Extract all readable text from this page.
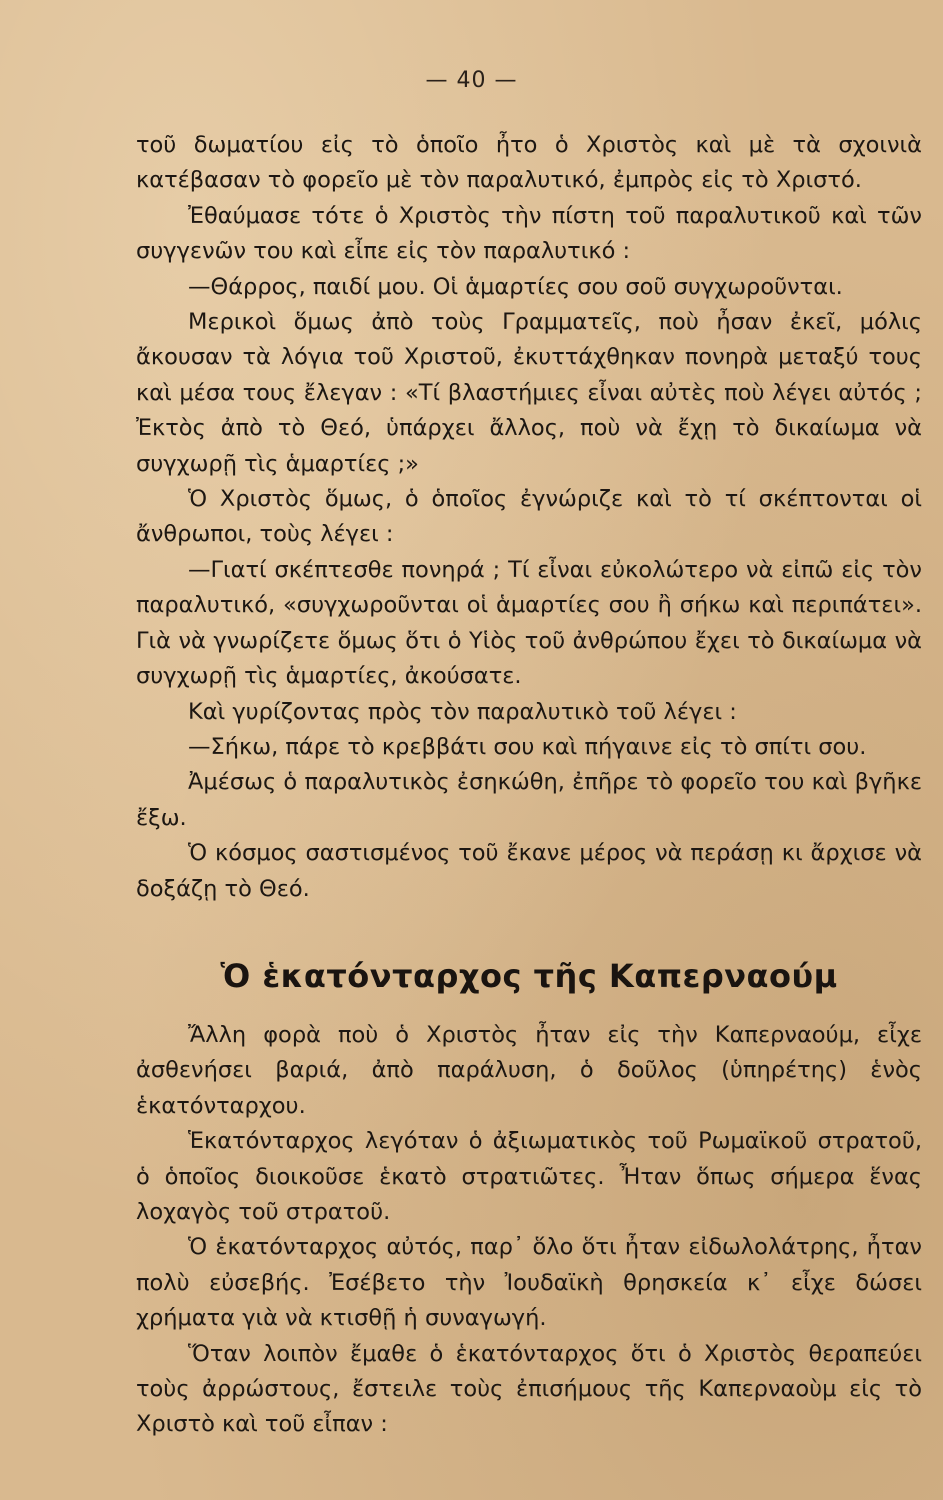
— 40 —

τοῦ δωματίου εἰς τὸ ὁποῖο ἦτο ὁ Χριστὸς καὶ μὲ τὰ σχοινιὰ κατέβασαν τὸ φορεῖο μὲ τὸν παραλυτικό, ἐμπρὸς εἰς τὸ Χριστό.

Ἐθαύμασε τότε ὁ Χριστὸς τὴν πίστη τοῦ παραλυτικοῦ καὶ τῶν συγγενῶν του καὶ εἶπε εἰς τὸν παραλυτικό :

—Θάρρος, παιδί μου. Οἱ ἁμαρτίες σου σοῦ συγχωροῦνται.

Μερικοὶ ὅμως ἀπὸ τοὺς Γραμματεῖς, ποὺ ἦσαν ἐκεῖ, μόλις ἄκουσαν τὰ λόγια τοῦ Χριστοῦ, ἐκυττάχθηκαν πονηρὰ μεταξύ τους καὶ μέσα τους ἔλεγαν : «Τί βλαστήμιες εἶναι αὐτὲς ποὺ λέγει αὐτός ; Ἐκτὸς ἀπὸ τὸ Θεό, ὑπάρχει ἄλλος, ποὺ νὰ ἔχῃ τὸ δικαίωμα νὰ συγχωρῇ τὶς ἁμαρτίες ;»

Ὁ Χριστὸς ὅμως, ὁ ὁποῖος ἐγνώριζε καὶ τὸ τί σκέπτονται οἱ ἄνθρωποι, τοὺς λέγει :

—Γιατί σκέπτεσθε πονηρά ; Τί εἶναι εὐκολώτερο νὰ εἰπῶ εἰς τὸν παραλυτικό, «συγχωροῦνται οἱ ἁμαρτίες σου ἢ σήκω καὶ περιπάτει». Γιὰ νὰ γνωρίζετε ὅμως ὅτι ὁ Υἱὸς τοῦ ἀνθρώπου ἔχει τὸ δικαίωμα νὰ συγχωρῇ τὶς ἁμαρτίες, ἀκούσατε.

Καὶ γυρίζοντας πρὸς τὸν παραλυτικὸ τοῦ λέγει :

—Σήκω, πάρε τὸ κρεββάτι σου καὶ πήγαινε εἰς τὸ σπίτι σου.

Ἀμέσως ὁ παραλυτικὸς ἐσηκώθη, ἐπῆρε τὸ φορεῖο του καὶ βγῆκε ἔξω.

Ὁ κόσμος σαστισμένος τοῦ ἔκανε μέρος νὰ περάσῃ κι ἄρχισε νὰ δοξάζῃ τὸ Θεό.

Ὁ ἑκατόνταρχος τῆς Καπερναούμ

Ἄλλη φορὰ ποὺ ὁ Χριστὸς ἦταν εἰς τὴν Καπερναούμ, εἶχε ἀσθενήσει βαριά, ἀπὸ παράλυση, ὁ δοῦλος (ὑπηρέτης) ἑνὸς ἑκατόνταρχου.

Ἑκατόνταρχος λεγόταν ὁ ἀξιωματικὸς τοῦ Ρωμαϊκοῦ στρατοῦ, ὁ ὁποῖος διοικοῦσε ἑκατὸ στρατιῶτες. Ἦταν ὅπως σήμερα ἕνας λοχαγὸς τοῦ στρατοῦ.

Ὁ ἑκατόνταρχος αὐτός, παρ᾿ ὅλο ὅτι ἦταν εἰδωλολάτρης, ἦταν πολὺ εὐσεβής. Ἐσέβετο τὴν Ἰουδαϊκὴ θρησκεία κ᾿ εἶχε δώσει χρήματα γιὰ νὰ κτισθῇ ἡ συναγωγή.

Ὅταν λοιπὸν ἔμαθε ὁ ἑκατόνταρχος ὅτι ὁ Χριστὸς θεραπεύει τοὺς ἀρρώστους, ἔστειλε τοὺς ἐπισήμους τῆς Καπερναοὺμ εἰς τὸ Χριστὸ καὶ τοῦ εἶπαν :
